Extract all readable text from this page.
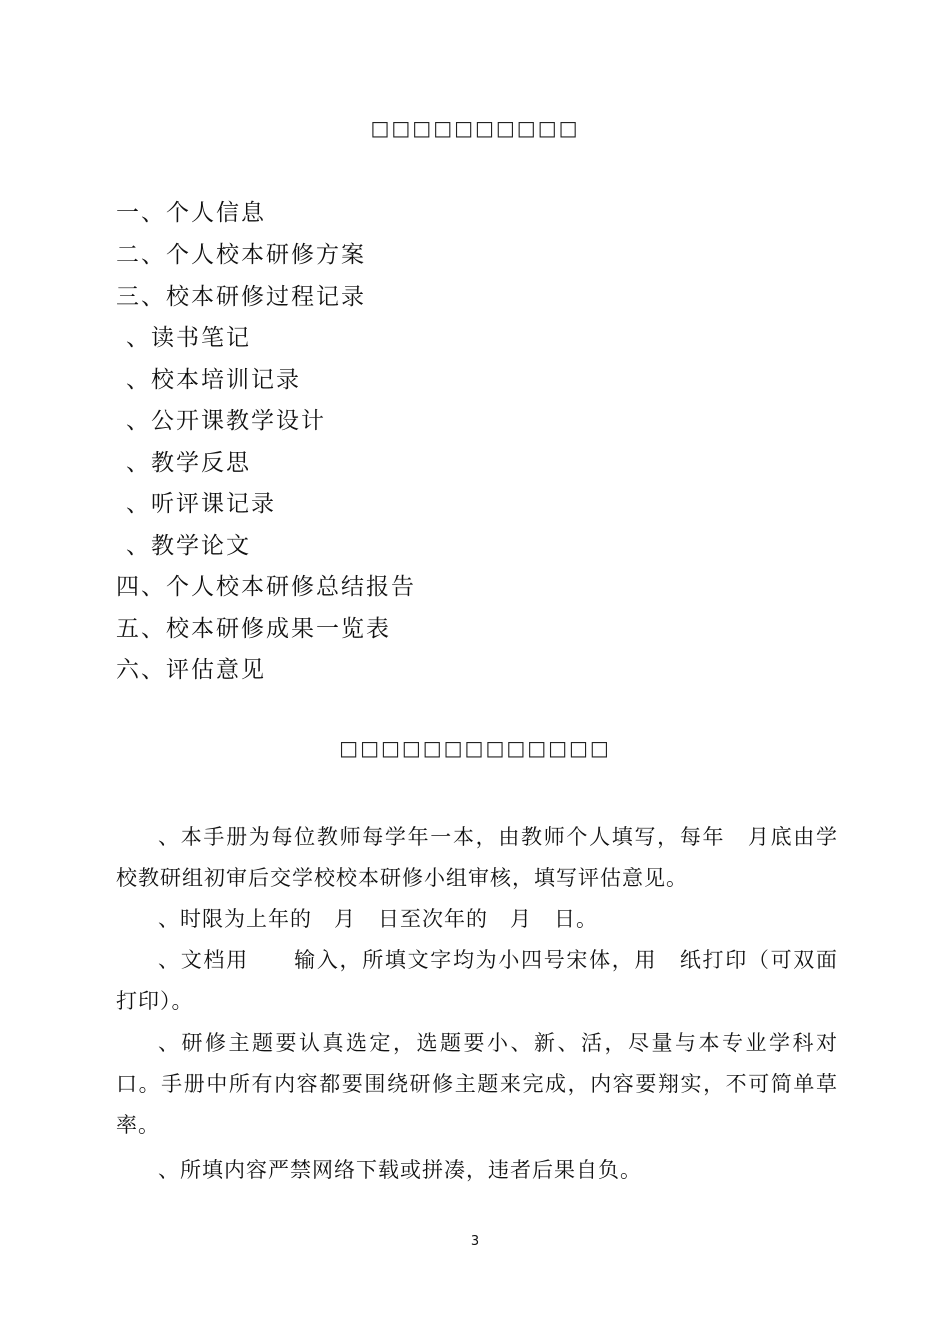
□□□□□□□□□□
一、个人信息
二、个人校本研修方案
三、校本研修过程记录
、读书笔记
、校本培训记录
、公开课教学设计
、教学反思
、听评课记录
、教学论文
四、个人校本研修总结报告
五、校本研修成果一览表
六、评估意见
□□□□□□□□□□□□□
、本手册为每位教师每学年一本，由教师个人填写，每年　月底由学校教研组初审后交学校校本研修小组审核，填写评估意见。
、时限为上年的　月　日至次年的　月　日。
、文档用　　输入，所填文字均为小四号宋体，用　纸打印（可双面打印）。
、研修主题要认真选定，选题要小、新、活，尽量与本专业学科对口。手册中所有内容都要围绕研修主题来完成，内容要翔实，不可简单草率。
、所填内容严禁网络下载或拼凑，违者后果自负。
3
